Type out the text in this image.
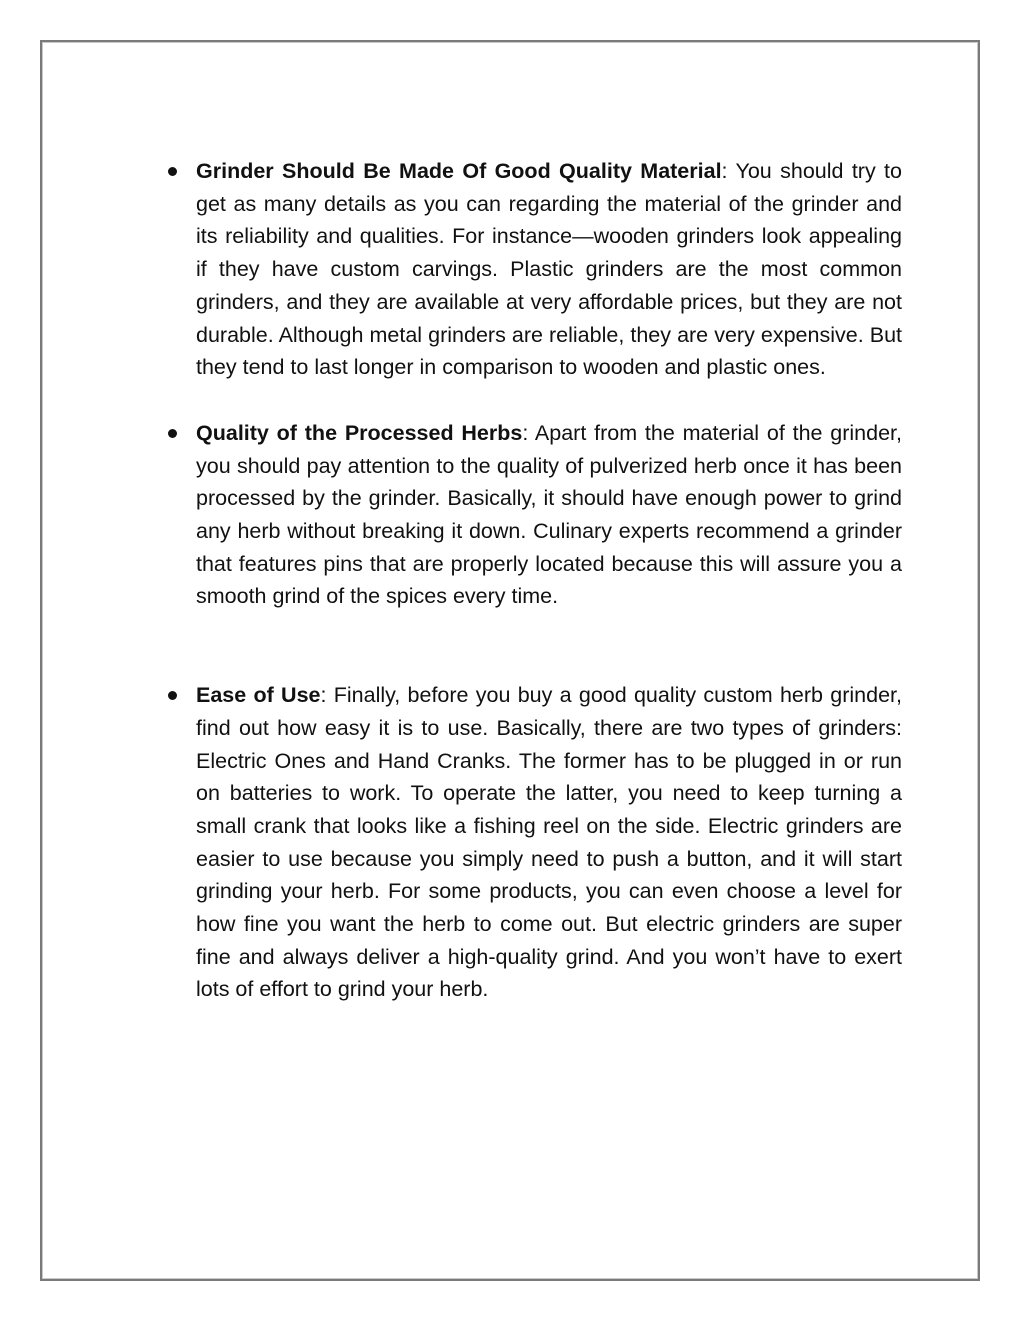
Grinder Should Be Made Of Good Quality Material: You should try to get as many details as you can regarding the material of the grinder and its reliability and qualities. For instance—wooden grinders look appealing if they have custom carvings. Plastic grinders are the most common grinders, and they are available at very affordable prices, but they are not durable. Although metal grinders are reliable, they are very expensive. But they tend to last longer in comparison to wooden and plastic ones.

Quality of the Processed Herbs: Apart from the material of the grinder, you should pay attention to the quality of pulverized herb once it has been processed by the grinder. Basically, it should have enough power to grind any herb without breaking it down. Culinary experts recommend a grinder that features pins that are properly located because this will assure you a smooth grind of the spices every time.

Ease of Use: Finally, before you buy a good quality custom herb grinder, find out how easy it is to use. Basically, there are two types of grinders: Electric Ones and Hand Cranks. The former has to be plugged in or run on batteries to work. To operate the latter, you need to keep turning a small crank that looks like a fishing reel on the side. Electric grinders are easier to use because you simply need to push a button, and it will start grinding your herb. For some products, you can even choose a level for how fine you want the herb to come out. But electric grinders are super fine and always deliver a high-quality grind. And you won’t have to exert lots of effort to grind your herb.
